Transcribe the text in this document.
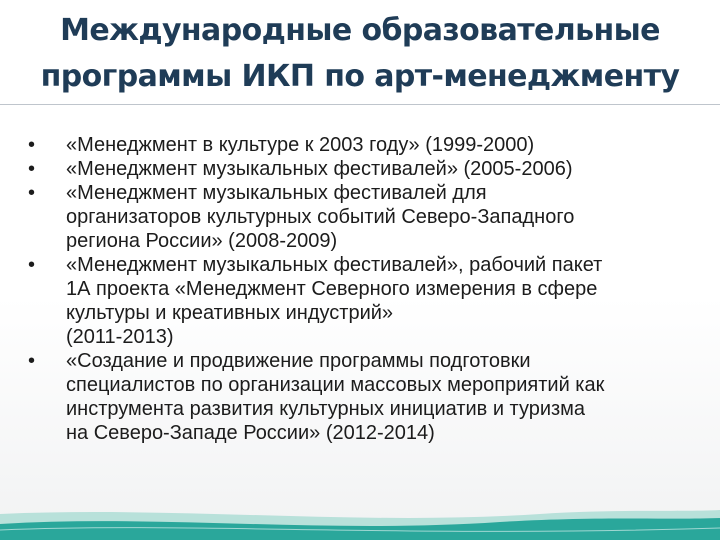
Международные образовательные
программы ИКП по арт-менеджменту
•	«Менеджмент в культуре к 2003 году» (1999-2000)
•	«Менеджмент музыкальных фестивалей» (2005-2006)
•	«Менеджмент музыкальных фестивалей для
организаторов культурных событий Северо-Западного
региона России» (2008-2009)
•	«Менеджмент музыкальных фестивалей», рабочий пакет
1А проекта «Менеджмент Северного измерения в сфере
культуры и креативных индустрий»
(2011-2013)
•	«Создание и продвижение программы подготовки
специалистов по организации массовых мероприятий как
инструмента развития культурных инициатив и туризма
на Северо-Западе России» (2012-2014)
